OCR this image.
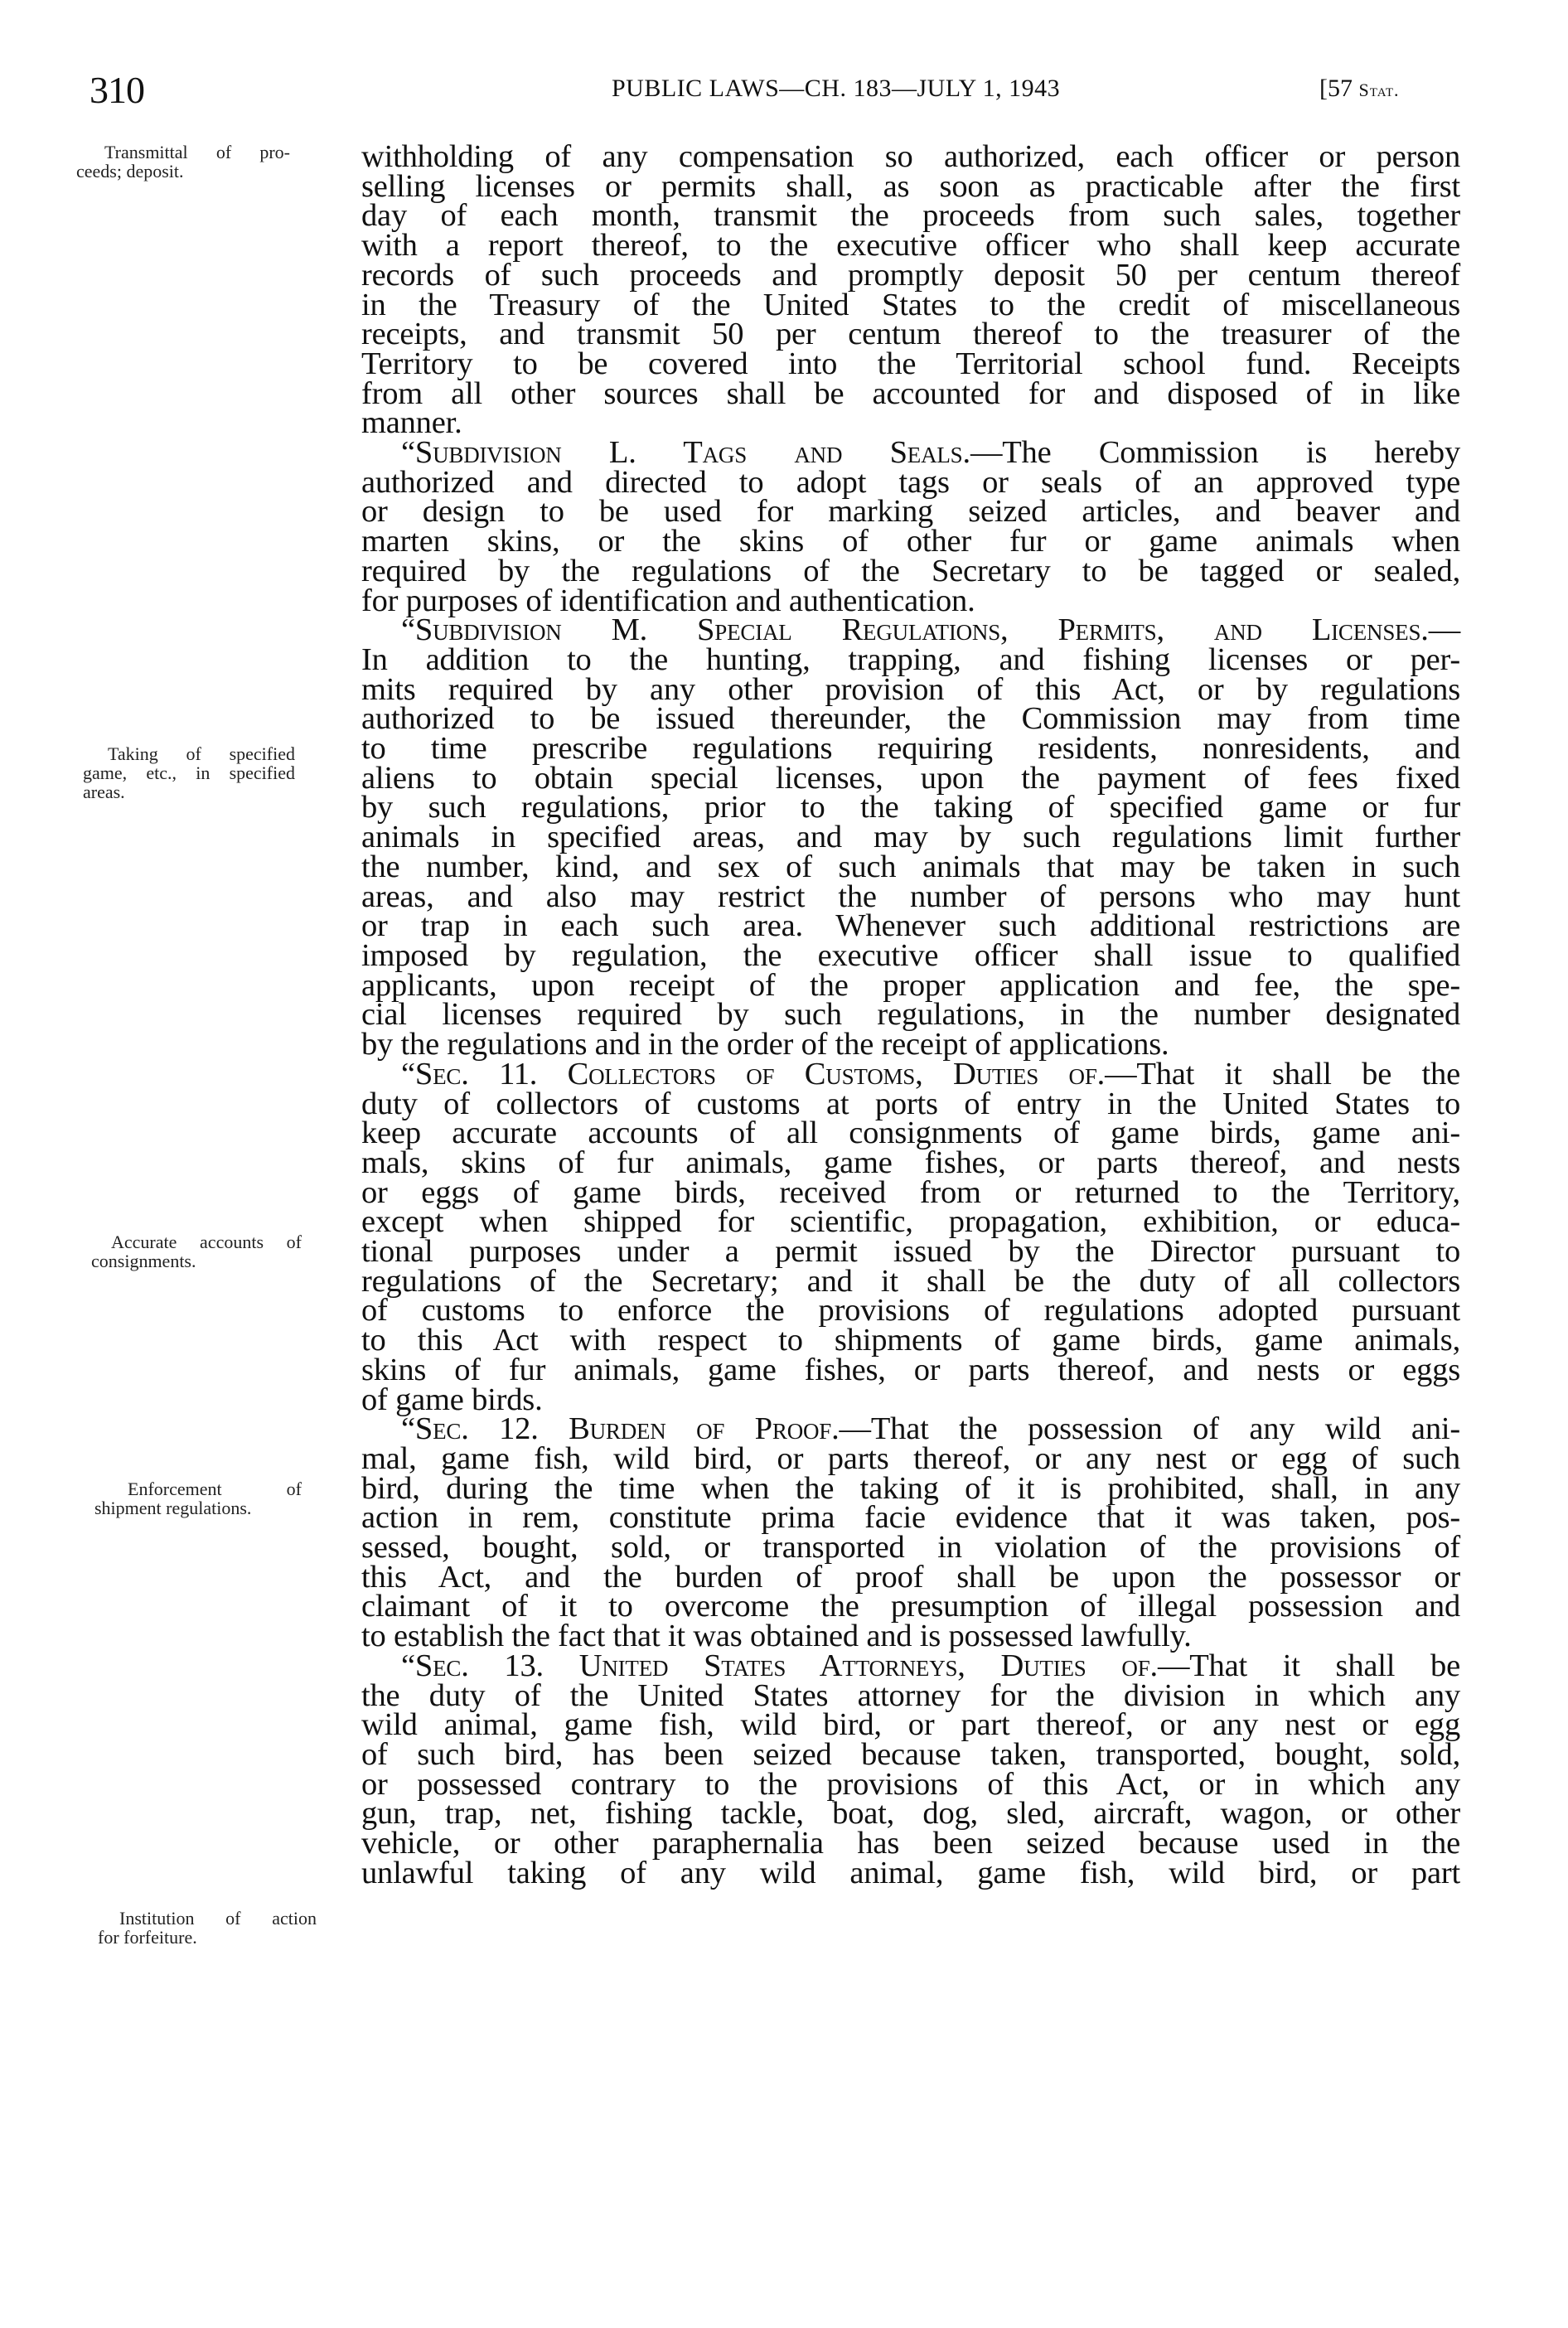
310	PUBLIC LAWS—CH. 183—JULY 1, 1943	[57 Stat.
Transmittal of pro-
ceeds; deposit.
Taking of specified
game, etc., in specified
areas.
Accurate accounts of
consignments.
Enforcement of
shipment regulations.
Institution of action
for forfeiture.
withholding of any compensation so authorized, each officer or person
selling licenses or permits shall, as soon as practicable after the first
day of each month, transmit the proceeds from such sales, together
with a report thereof, to the executive officer who shall keep accurate
records of such proceeds and promptly deposit 50 per centum thereof
in the Treasury of the United States to the credit of miscellaneous
receipts, and transmit 50 per centum thereof to the treasurer of the
Territory to be covered into the Territorial school fund. Receipts
from all other sources shall be accounted for and disposed of in like
manner.
“Subdivision L. Tags and Seals.—The Commission is hereby
authorized and directed to adopt tags or seals of an approved type
or design to be used for marking seized articles, and beaver and
marten skins, or the skins of other fur or game animals when
required by the regulations of the Secretary to be tagged or sealed,
for purposes of identification and authentication.
“Subdivision M. Special Regulations, Permits, and Licenses.—
In addition to the hunting, trapping, and fishing licenses or per-
mits required by any other provision of this Act, or by regulations
authorized to be issued thereunder, the Commission may from time
to time prescribe regulations requiring residents, nonresidents, and
aliens to obtain special licenses, upon the payment of fees fixed
by such regulations, prior to the taking of specified game or fur
animals in specified areas, and may by such regulations limit further
the number, kind, and sex of such animals that may be taken in such
areas, and also may restrict the number of persons who may hunt
or trap in each such area. Whenever such additional restrictions are
imposed by regulation, the executive officer shall issue to qualified
applicants, upon receipt of the proper application and fee, the spe-
cial licenses required by such regulations, in the number designated
by the regulations and in the order of the receipt of applications.
“Sec. 11. Collectors of Customs, Duties of.—That it shall be the
duty of collectors of customs at ports of entry in the United States to
keep accurate accounts of all consignments of game birds, game ani-
mals, skins of fur animals, game fishes, or parts thereof, and nests
or eggs of game birds, received from or returned to the Territory,
except when shipped for scientific, propagation, exhibition, or educa-
tional purposes under a permit issued by the Director pursuant to
regulations of the Secretary; and it shall be the duty of all collectors
of customs to enforce the provisions of regulations adopted pursuant
to this Act with respect to shipments of game birds, game animals,
skins of fur animals, game fishes, or parts thereof, and nests or eggs
of game birds.
“Sec. 12. Burden of Proof.—That the possession of any wild ani-
mal, game fish, wild bird, or parts thereof, or any nest or egg of such
bird, during the time when the taking of it is prohibited, shall, in any
action in rem, constitute prima facie evidence that it was taken, pos-
sessed, bought, sold, or transported in violation of the provisions of
this Act, and the burden of proof shall be upon the possessor or
claimant of it to overcome the presumption of illegal possession and
to establish the fact that it was obtained and is possessed lawfully.
“Sec. 13. United States Attorneys, Duties of.—That it shall be
the duty of the United States attorney for the division in which any
wild animal, game fish, wild bird, or part thereof, or any nest or egg
of such bird, has been seized because taken, transported, bought, sold,
or possessed contrary to the provisions of this Act, or in which any
gun, trap, net, fishing tackle, boat, dog, sled, aircraft, wagon, or other
vehicle, or other paraphernalia has been seized because used in the
unlawful taking of any wild animal, game fish, wild bird, or part
